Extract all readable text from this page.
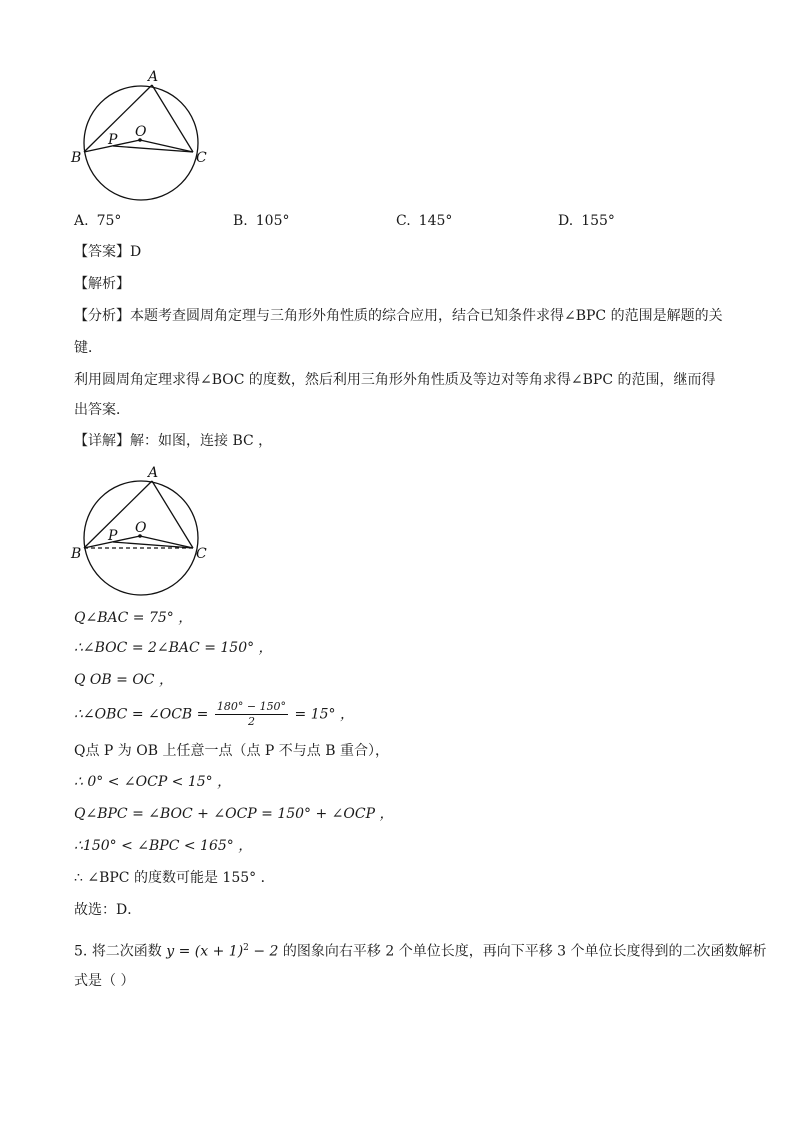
A
B	C
O
P
A. 75°	B. 105°	C. 145°	D. 155°
【答案】D
【解析】
【分析】本题考查圆周角定理与三角形外角性质的综合应用，结合已知条件求得∠BPC 的范围是解题的关
键．
利用圆周角定理求得∠BOC 的度数，然后利用三角形外角性质及等边对等角求得∠BPC 的范围，继而得
出答案．
【详解】解：如图，连接 BC ，
A
B	C
O
P
Q∠BAC = 75° ，
∴∠BOC = 2∠BAC = 150° ，
Q OB = OC ，
∴∠OBC = ∠OCB = $\frac{180^\circ - 150^\circ}{2} = 15^\circ$ ，
Q点 P 为 OB 上任意一点（点 P 不与点 B 重合），
∴ 0° < ∠OCP < 15° ，
Q∠BPC = ∠BOC + ∠OCP = 150° + ∠OCP ，
∴150° < ∠BPC < 165° ，
∴ ∠BPC 的度数可能是 155° ．
故选：D．
5. 将二次函数 $y = (x + 1)^2 - 2$ 的图象向右平移 2 个单位长度，再向下平移 3 个单位长度得到的二次函数解析
式是（ ）
